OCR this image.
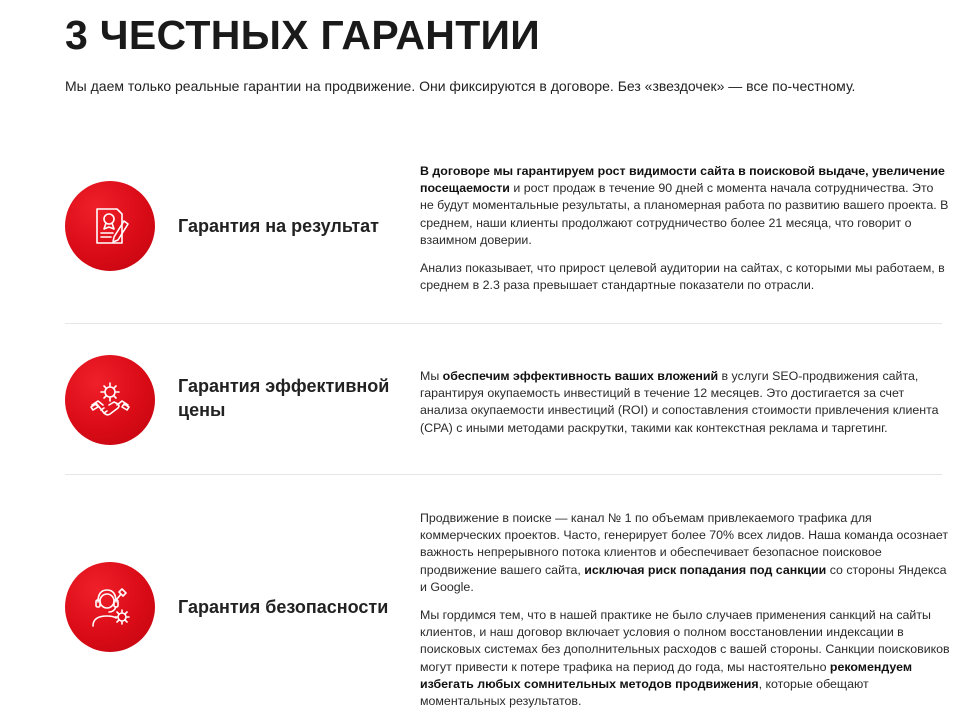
3 ЧЕСТНЫХ ГАРАНТИИ

Мы даем только реальные гарантии на продвижение. Они фиксируются в договоре. Без «звездочек» — все по-честному.

Гарантия на результат

В договоре мы гарантируем рост видимости сайта в поисковой выдаче, увеличение посещаемости и рост продаж в течение 90 дней с момента начала сотрудничества. Это не будут моментальные результаты, а планомерная работа по развитию вашего проекта. В среднем, наши клиенты продолжают сотрудничество более 21 месяца, что говорит о взаимном доверии.

Анализ показывает, что прирост целевой аудитории на сайтах, с которыми мы работаем, в среднем в 2.3 раза превышает стандартные показатели по отрасли.

Гарантия эффективной цены

Мы обеспечим эффективность ваших вложений в услуги SEO-продвижения сайта, гарантируя окупаемость инвестиций в течение 12 месяцев. Это достигается за счет анализа окупаемости инвестиций (ROI) и сопоставления стоимости привлечения клиента (CPA) с иными методами раскрутки, такими как контекстная реклама и таргетинг.

Гарантия безопасности

Продвижение в поиске — канал № 1 по объемам привлекаемого трафика для коммерческих проектов. Часто, генерирует более 70% всех лидов. Наша команда осознает важность непрерывного потока клиентов и обеспечивает безопасное поисковое продвижение вашего сайта, исключая риск попадания под санкции со стороны Яндекса и Google.

Мы гордимся тем, что в нашей практике не было случаев применения санкций на сайты клиентов, и наш договор включает условия о полном восстановлении индексации в поисковых системах без дополнительных расходов с вашей стороны. Санкции поисковиков могут привести к потере трафика на период до года, мы настоятельно рекомендуем избегать любых сомнительных методов продвижения, которые обещают моментальных результатов.
